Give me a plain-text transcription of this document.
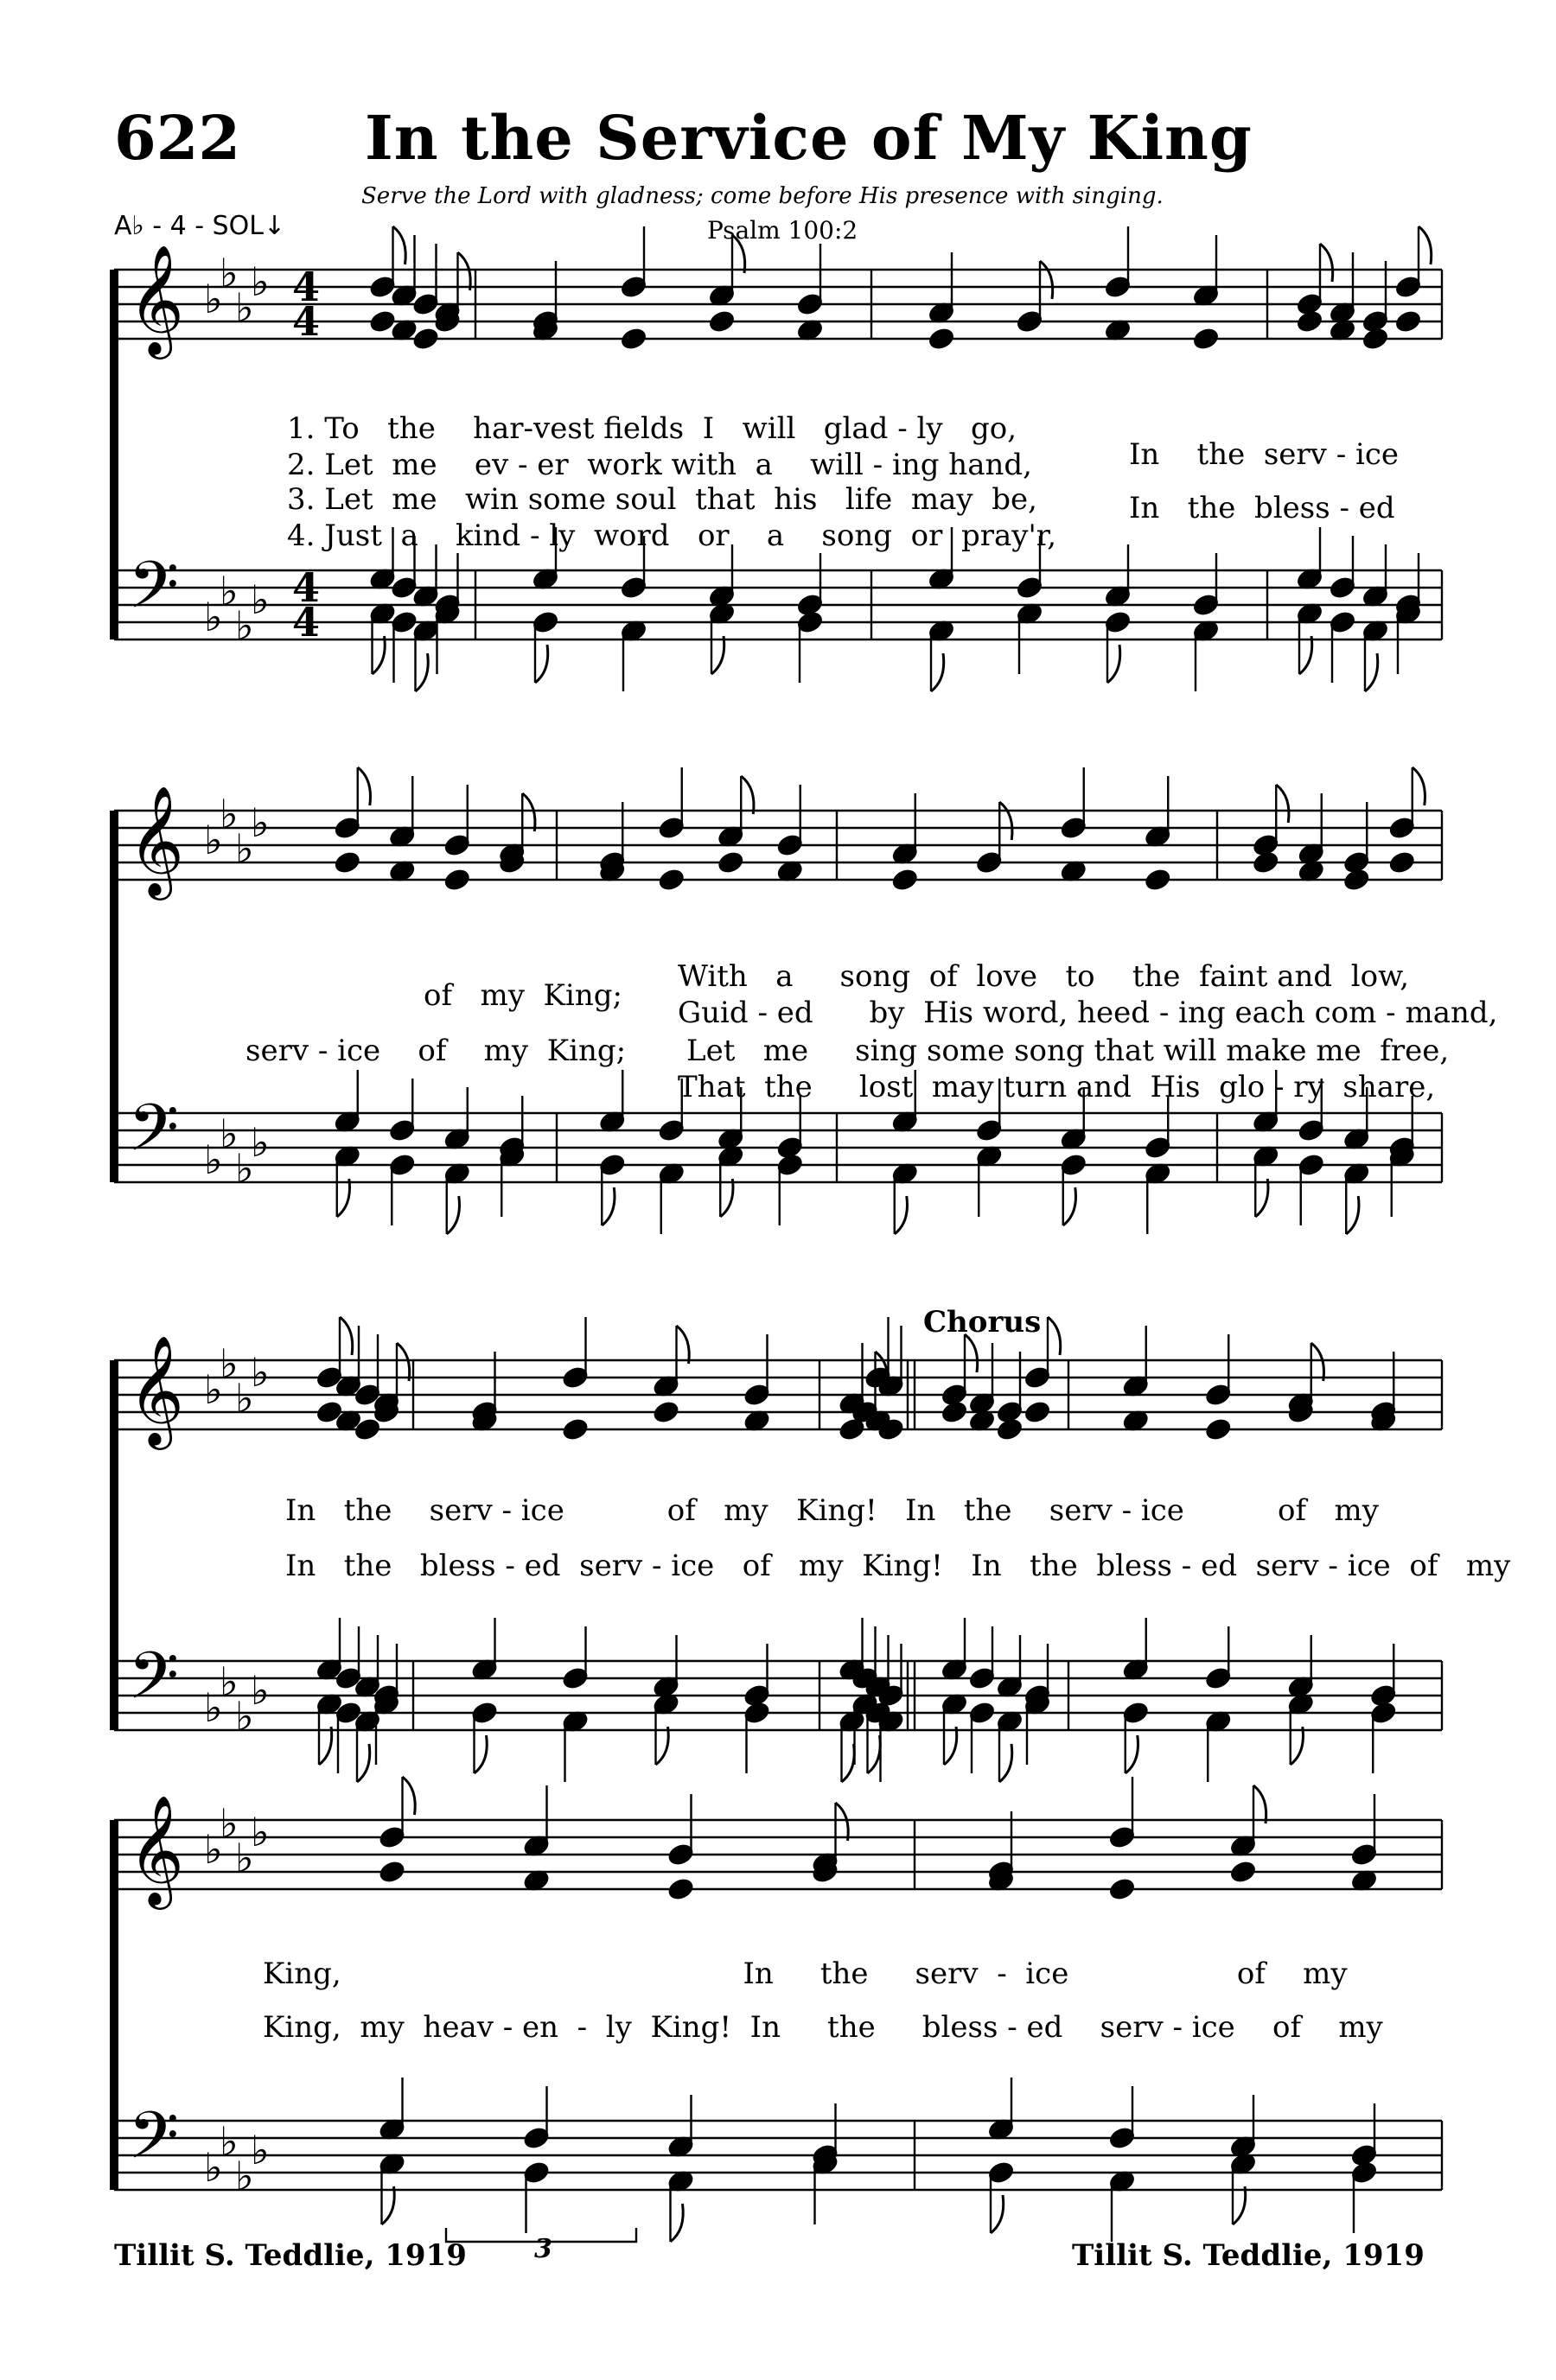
622 In the Service of My King
Serve the Lord with gladness; come before His presence with singing.
A♭ - 4 - SOL↓	Psalm 100:2
𝄞
𝄢
♭
♭
♭
♭
♭
♭
♭
♭
4
4
4
4
𝄞
𝄢
♭
♭
♭
♭
♭
♭
♭
♭
𝄞
𝄢
♭
♭
♭
♭
♭
♭
♭
♭
𝄞
𝄢
♭
♭
♭
♭
♭
♭
♭
♭
3
1. To   the    har-vest fields  I   will   glad - ly   go,
2. Let  me    ev - er  work with  a    will - ing hand,
3. Let  me   win some soul  that  his   life  may  be,
4. Just  a    kind - ly  word   or    a    song  or  pray'r,
In    the  serv - ice
In   the  bless - ed
of   my  King;
serv - ice    of    my  King;
With   a     song  of  love   to    the  faint and  low,
Guid - ed      by  His word, heed - ing each com - mand,
Let   me     sing some song that will make me  free,
That  the     lost  may turn and  His  glo - ry  share,
Chorus
In   the    serv - ice           of   my   King!   In   the    serv - ice          of   my
In   the   bless - ed  serv - ice   of   my  King!   In   the  bless - ed  serv - ice  of   my
King,                                           In     the     serv  -  ice                  of    my
King,  my  heav - en  -  ly  King!  In     the     bless - ed    serv - ice    of    my
Tillit S. Teddlie, 1919	Tillit S. Teddlie, 1919
